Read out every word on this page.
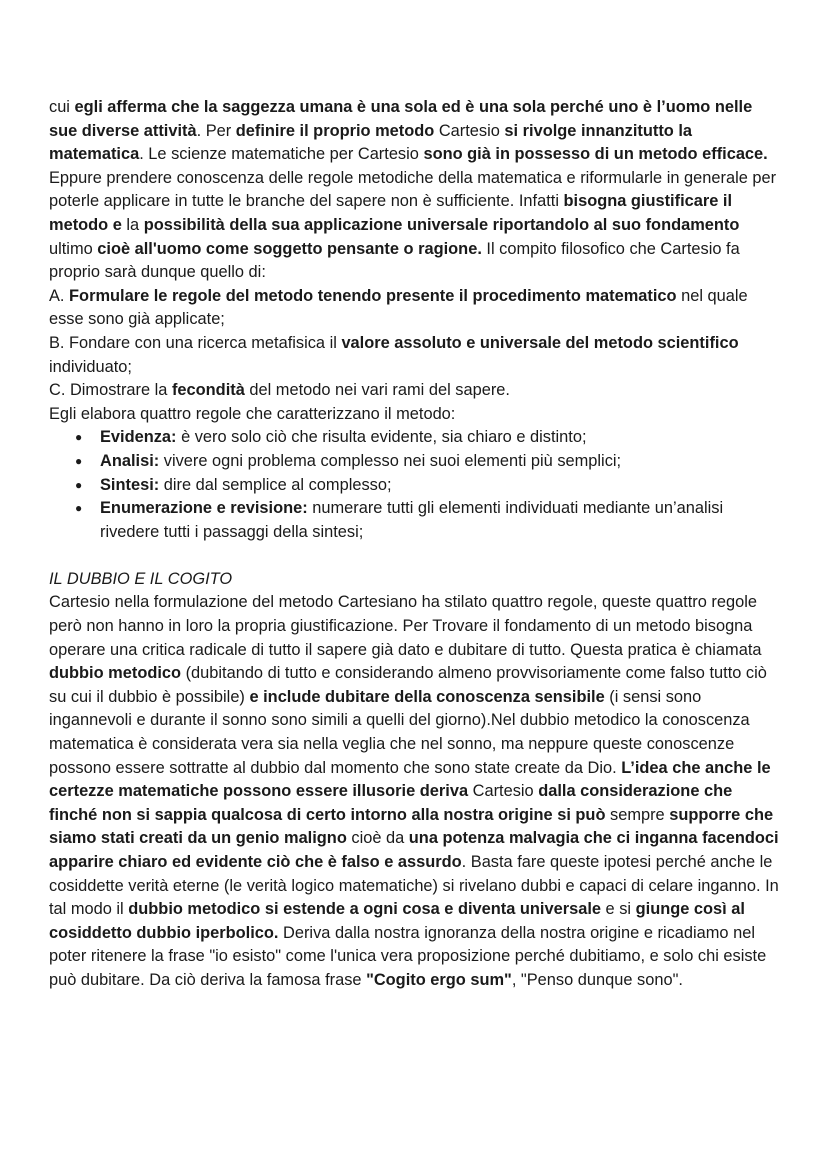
cui egli afferma che la saggezza umana è una sola ed è una sola perché uno è l’uomo nelle sue diverse attività. Per definire il proprio metodo Cartesio si rivolge innanzitutto la matematica. Le scienze matematiche per Cartesio sono già in possesso di un metodo efficace. Eppure prendere conoscenza delle regole metodiche della matematica e riformularle in generale per poterle applicare in tutte le branche del sapere non è sufficiente. Infatti bisogna giustificare il metodo e la possibilità della sua applicazione universale riportandolo al suo fondamento ultimo cioè all'uomo come soggetto pensante o ragione. Il compito filosofico che Cartesio fa proprio sarà dunque quello di:

A. Formulare le regole del metodo tenendo presente il procedimento matematico nel quale esse sono già applicate;

B. Fondare con una ricerca metafisica il valore assoluto e universale del metodo scientifico individuato;

C. Dimostrare la fecondità del metodo nei vari rami del sapere.

Egli elabora quattro regole che caratterizzano il metodo:

● Evidenza: è vero solo ciò che risulta evidente, sia chiaro e distinto;
● Analisi: vivere ogni problema complesso nei suoi elementi più semplici;
● Sintesi: dire dal semplice al complesso;
● Enumerazione e revisione: numerare tutti gli elementi individuati mediante un’analisi rivedere tutti i passaggi della sintesi;

IL DUBBIO E IL COGITO

Cartesio nella formulazione del metodo Cartesiano ha stilato quattro regole, queste quattro regole però non hanno in loro la propria giustificazione. Per Trovare il fondamento di un metodo bisogna operare una critica radicale di tutto il sapere già dato e dubitare di tutto. Questa pratica è chiamata dubbio metodico (dubitando di tutto e considerando almeno provvisoriamente come falso tutto ciò su cui il dubbio è possibile) e include dubitare della conoscenza sensibile (i sensi sono ingannevoli e durante il sonno sono simili a quelli del giorno).Nel dubbio metodico la conoscenza matematica è considerata vera sia nella veglia che nel sonno, ma neppure queste conoscenze possono essere sottratte al dubbio dal momento che sono state create da Dio. L’idea che anche le certezze matematiche possono essere illusorie deriva Cartesio dalla considerazione che finché non si sappia qualcosa di certo intorno alla nostra origine si può sempre supporre che siamo stati creati da un genio maligno cioè da una potenza malvagia che ci inganna facendoci apparire chiaro ed evidente ciò che è falso e assurdo. Basta fare queste ipotesi perché anche le cosiddette verità eterne (le verità logico matematiche) si rivelano dubbi e capaci di celare inganno. In tal modo il dubbio metodico si estende a ogni cosa e diventa universale e si giunge così al cosiddetto dubbio iperbolico. Deriva dalla nostra ignoranza della nostra origine e ricadiamo nel poter ritenere la frase "io esisto" come l'unica vera proposizione perché dubitiamo, e solo chi esiste può dubitare. Da ciò deriva la famosa frase "Cogito ergo sum", "Penso dunque sono".
